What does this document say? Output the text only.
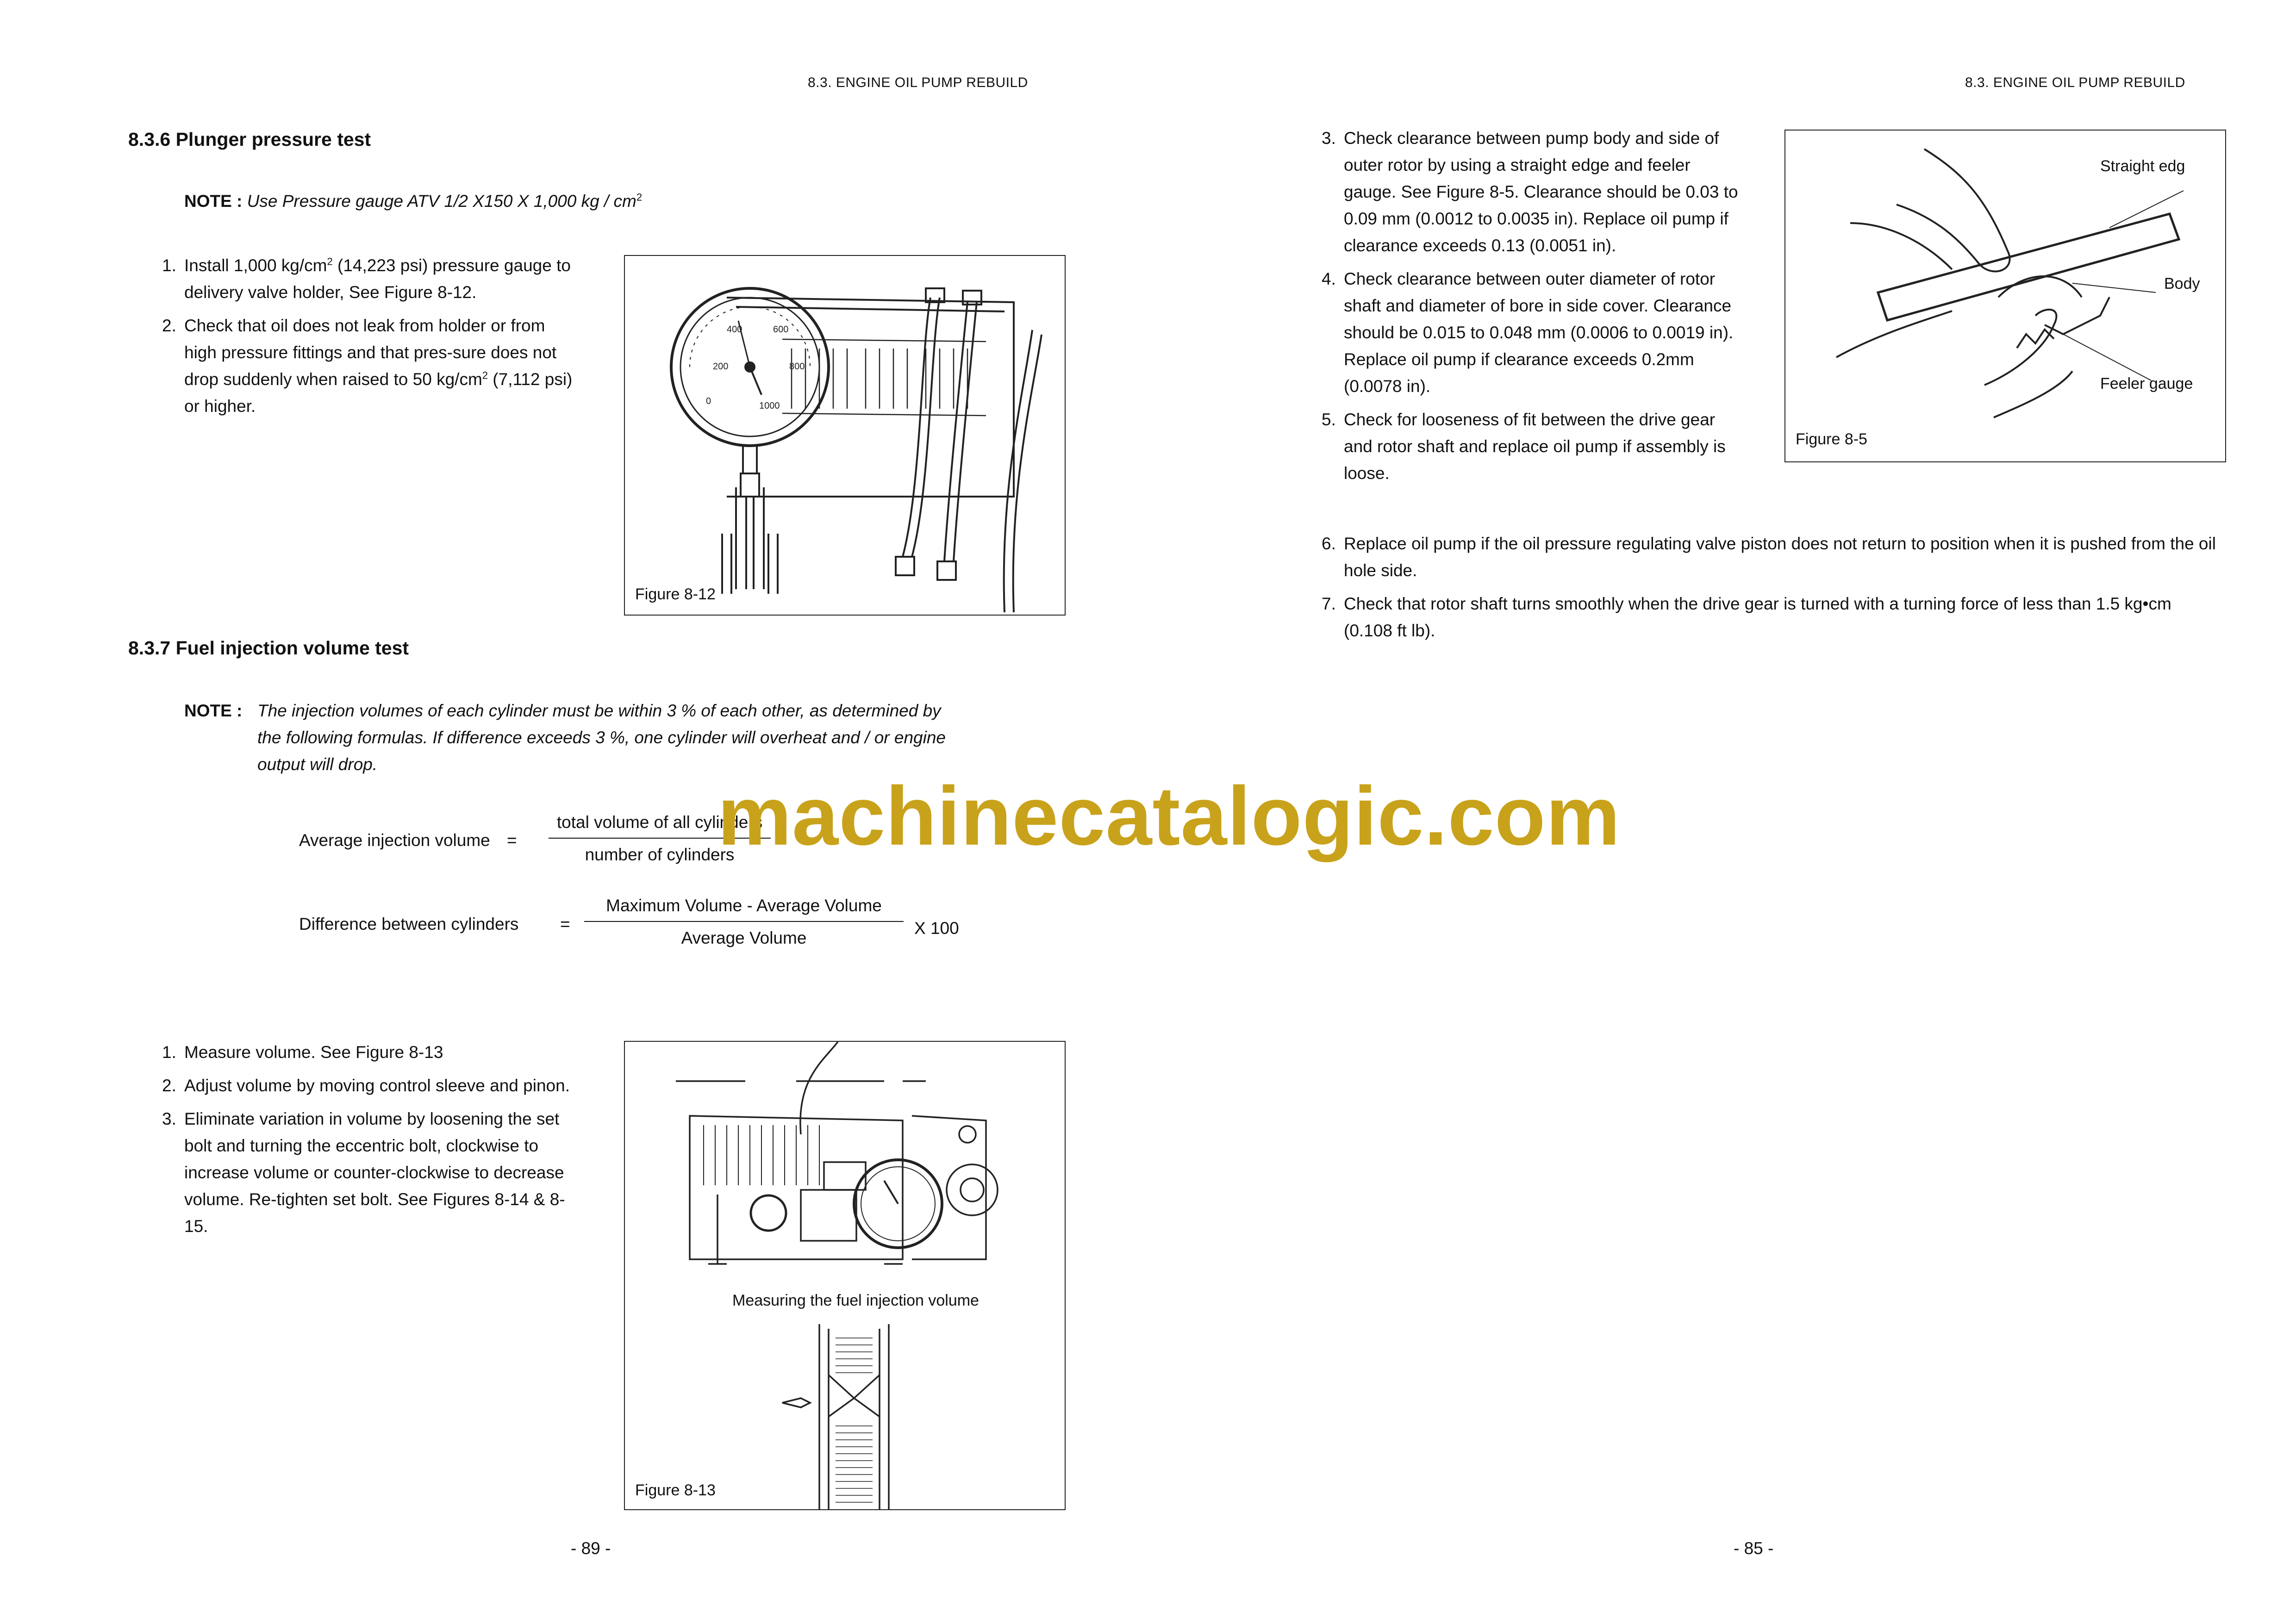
8.3. ENGINE OIL PUMP REBUILD
8.3.6 Plunger pressure test
NOTE : Use Pressure gauge ATV 1/2 X150 X 1,000 kg / $cm^2$
1. Install 1,000 $kg/cm^2$ (14,223 psi) pressure gauge to delivery valve holder, See Figure 8-12.
2. Check that oil does not leak from holder or from high pressure fittings and that pres-sure does not drop suddenly when raised to 50 $kg/cm^2$ (7,112 psi) or higher.
200
400	600
800
1000
0
Figure 8-12
8.3.7 Fuel injection volume test
NOTE : The injection volumes of each cylinder must be within 3 % of each other, as determined by
the following formulas. If difference exceeds 3 %, one cylinder will overheat and / or engine
output will drop.
Average injection volume =
total volume of all cylinders
number of cylinders
Difference between cylinders =
Maximum Volume - Average Volume
Average Volume
X 100
1. Measure volume. See Figure 8-13
2. Adjust volume by moving control sleeve and pinon.
3. Eliminate variation in volume by loosening the set bolt and turning the eccentric bolt, clockwise to increase volume or counter-clockwise to decrease volume. Re-tighten set bolt. See Figures 8-14 & 8-15.
Measuring the fuel injection volume
Figure 8-13
- 89 -
8.3. ENGINE OIL PUMP REBUILD
3. Check clearance between pump body and side of outer rotor by using a straight edge and feeler gauge. See Figure 8-5. Clearance should be 0.03 to 0.09 mm (0.0012 to 0.0035 in). Replace oil pump if clearance exceeds 0.13 (0.0051 in).
4. Check clearance between outer diameter of rotor shaft and diameter of bore in side cover. Clearance should be 0.015 to 0.048 mm (0.0006 to 0.0019 in). Replace oil pump if clearance exceeds 0.2mm (0.0078 in).
5. Check for looseness of fit between the drive gear and rotor shaft and replace oil pump if assembly is loose.
6. Replace oil pump if the oil pressure regulating valve piston does not return to position when it is pushed from the oil hole side.
7. Check that rotor shaft turns smoothly when the drive gear is turned with a turning force of less than 1.5 kg•cm (0.108 ft lb).
Straight edg
Body
Feeler gauge
Figure 8-5
- 85 -
machinecatalogic.com
